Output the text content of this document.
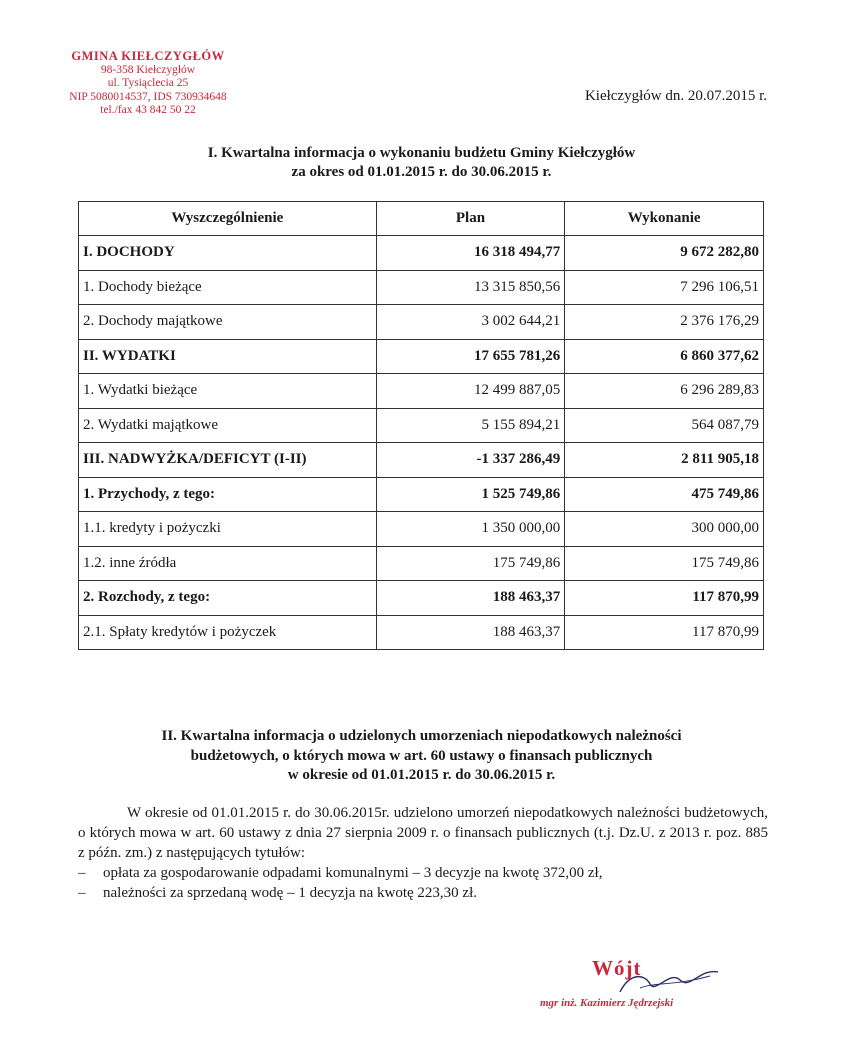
GMINA KIEŁCZYGŁÓW
98-358 Kiełczygłów
ul. Tysiąclecia 25
NIP 5080014537, IDS 730934648
tel./fax 43 842 50 22
Kiełczygłów dn. 20.07.2015 r.
I. Kwartalna informacja o wykonaniu budżetu Gminy Kiełczygłów
za okres od 01.01.2015 r. do 30.06.2015 r.
Wyszczególnienie	Plan	Wykonanie
I. DOCHODY	16 318 494,77	9 672 282,80
1. Dochody bieżące	13 315 850,56	7 296 106,51
2. Dochody majątkowe	3 002 644,21	2 376 176,29
II. WYDATKI	17 655 781,26	6 860 377,62
1. Wydatki bieżące	12 499 887,05	6 296 289,83
2. Wydatki majątkowe	5 155 894,21	564 087,79
III. NADWYŻKA/DEFICYT (I-II)	-1 337 286,49	2 811 905,18
1. Przychody, z tego:	1 525 749,86	475 749,86
1.1. kredyty i pożyczki	1 350 000,00	300 000,00
1.2. inne źródła	175 749,86	175 749,86
2. Rozchody, z tego:	188 463,37	117 870,99
2.1. Spłaty kredytów i pożyczek	188 463,37	117 870,99
II. Kwartalna informacja o udzielonych umorzeniach niepodatkowych należności
budżetowych, o których mowa w art. 60 ustawy o finansach publicznych
w okresie od 01.01.2015 r. do 30.06.2015 r.

W okresie od 01.01.2015 r. do 30.06.2015r. udzielono umorzeń niepodatkowych należności budżetowych, o których mowa w art. 60 ustawy z dnia 27 sierpnia 2009 r. o finansach publicznych (t.j. Dz.U. z 2013 r. poz. 885 z późn. zm.) z następujących tytułów:

– opłata za gospodarowanie odpadami komunalnymi – 3 decyzje na kwotę 372,00 zł,
– należności za sprzedaną wodę – 1 decyzja na kwotę 223,30 zł.
Wójt
mgr inż. Kazimierz Jędrzejski
